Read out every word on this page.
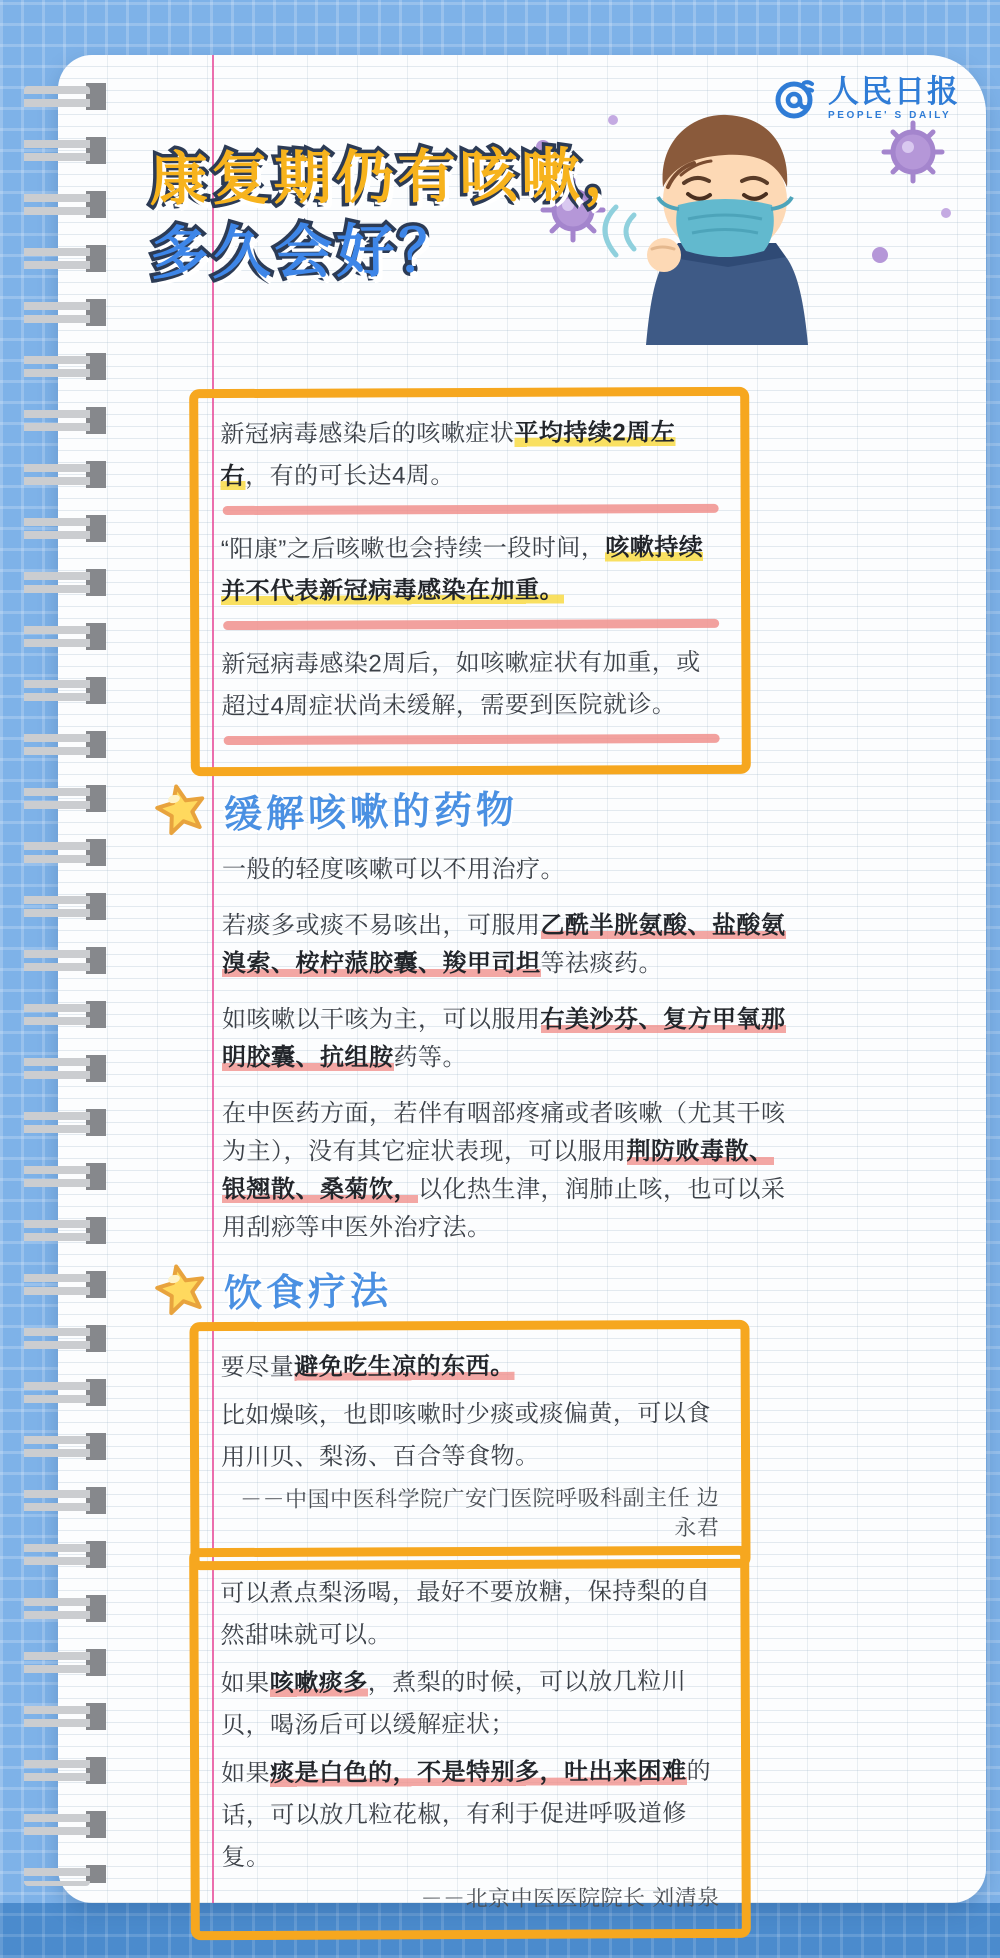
人民日报
PEOPLE' S DAILY
康复期仍有咳嗽，
多久会好？

新冠病毒感染后的咳嗽症状平均持续2周左右，有的可长达4周。

“阳康”之后咳嗽也会持续一段时间，咳嗽持续并不代表新冠病毒感染在加重。

新冠病毒感染2周后，如咳嗽症状有加重，或超过4周症状尚未缓解，需要到医院就诊。

缓解咳嗽的药物

一般的轻度咳嗽可以不用治疗。

若痰多或痰不易咳出，可服用乙酰半胱氨酸、盐酸氨溴索、桉柠蒎胶囊、羧甲司坦等祛痰药。

如咳嗽以干咳为主，可以服用右美沙芬、复方甲氧那明胶囊、抗组胺药等。

在中医药方面，若伴有咽部疼痛或者咳嗽（尤其干咳为主），没有其它症状表现，可以服用荆防败毒散、银翘散、桑菊饮，以化热生津，润肺止咳，也可以采用刮痧等中医外治疗法。

饮食疗法

要尽量避免吃生凉的东西。

比如燥咳，也即咳嗽时少痰或痰偏黄，可以食用川贝、梨汤、百合等食物。

－－中国中医科学院广安门医院呼吸科副主任 边永君

可以煮点梨汤喝，最好不要放糖，保持梨的自然甜味就可以。

如果咳嗽痰多，煮梨的时候，可以放几粒川贝，喝汤后可以缓解症状；

如果痰是白色的，不是特别多，吐出来困难的话，可以放几粒花椒，有利于促进呼吸道修复。

－－北京中医医院院长 刘清泉
